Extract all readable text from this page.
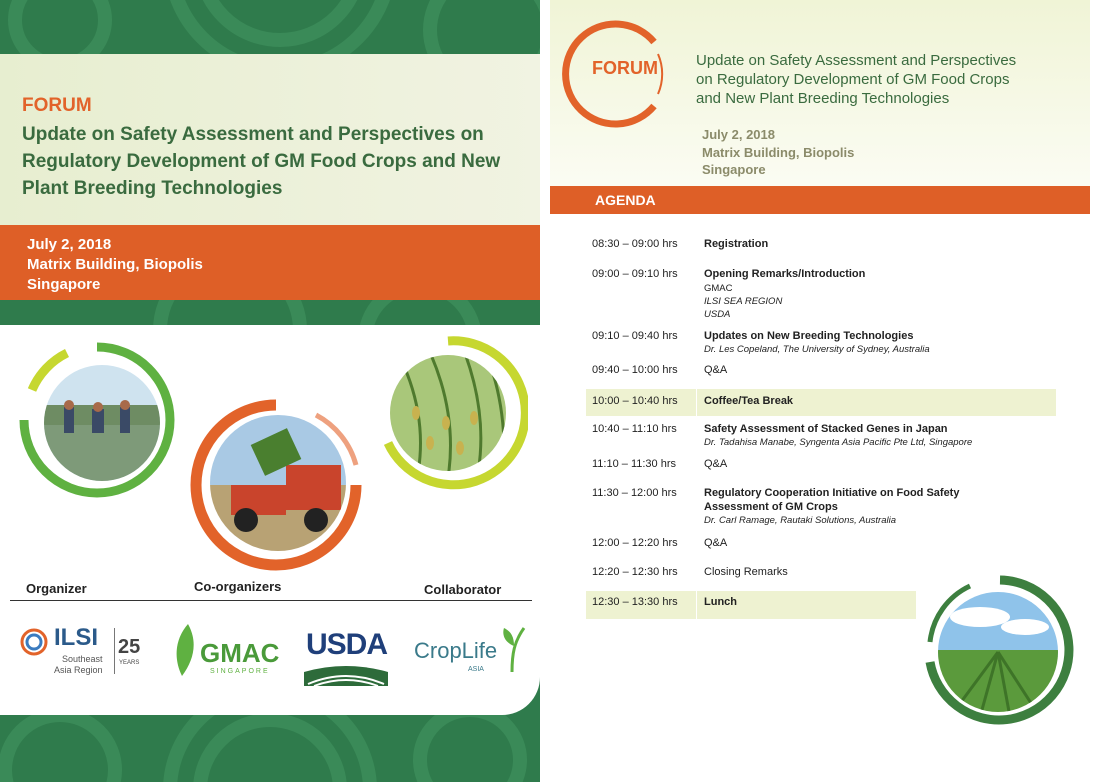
FORUM

Update on Safety Assessment and Perspectives on Regulatory Development of GM Food Crops and New Plant Breeding Technologies

July 2, 2018

Matrix Building, Biopolis

Singapore

Organizer	Co-organizers	Collaborator

ILSI
Southeast
Asia Region
25
YEARS GMAC
SINGAPORE
USDA CropLife
ASIA

FORUM	Update on Safety Assessment and Perspectives
on Regulatory Development of GM Food Crops
and New Plant Breeding Technologies

July 2, 2018

Matrix Building, Biopolis

Singapore

AGENDA

08:30 – 09:00 hrs Registration
09:00 – 09:10 hrs Opening Remarks/Introduction
GMAC
ILSI SEA REGION
USDA
09:10 – 09:40 hrs Updates on New Breeding Technologies
Dr. Les Copeland, The University of Sydney, Australia
09:40 – 10:00 hrs Q&A
10:00 – 10:40 hrs Coffee/Tea Break
10:40 – 11:10 hrs Safety Assessment of Stacked Genes in Japan
Dr. Tadahisa Manabe, Syngenta Asia Pacific Pte Ltd, Singapore
11:10 – 11:30 hrs	Q&A
11:30 – 12:00 hrs Regulatory Cooperation Initiative on Food Safety
Assessment of GM Crops
Dr. Carl Ramage, Rautaki Solutions, Australia
12:00 – 12:20 hrs Q&A
12:20 – 12:30 hrs Closing Remarks
12:30 – 13:30 hrs Lunch
